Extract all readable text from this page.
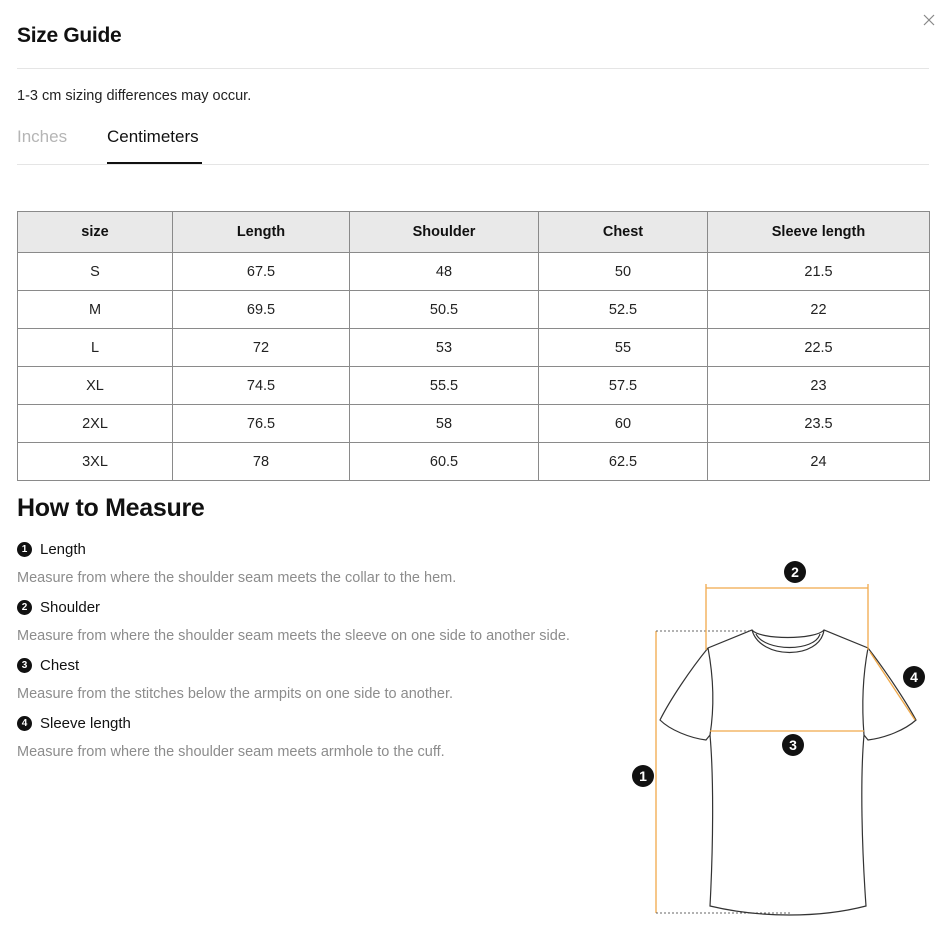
Size Guide
1-3 cm sizing differences may occur.
Inches Centimeters
size	Length	Shoulder	Chest	Sleeve length
S	67.5	48	50	21.5
M	69.5	50.5	52.5	22
L	72	53	55	22.5
XL	74.5	55.5	57.5	23
2XL	76.5	58	60	23.5
3XL	78	60.5	62.5	24
How to Measure
1 Length
Measure from where the shoulder seam meets the collar to the hem.
2 Shoulder
Measure from where the shoulder seam meets the sleeve on one side to another side.
3 Chest
Measure from the stitches below the armpits on one side to another.
4 Sleeve length
Measure from where the shoulder seam meets armhole to the cuff.
1
2
3
4
